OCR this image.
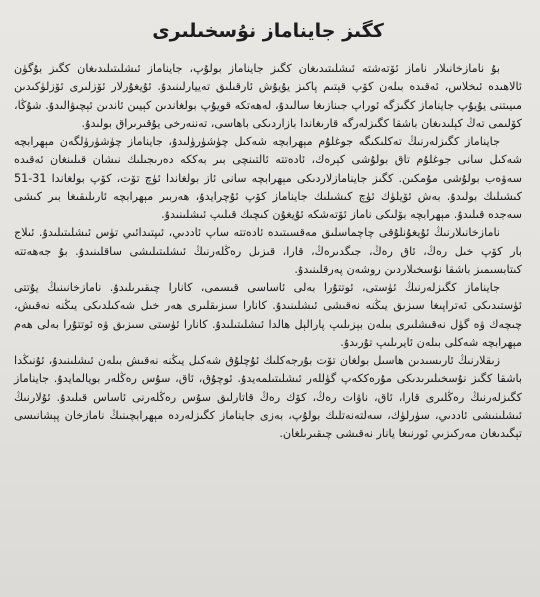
كگىز جايناماز نۇسخىلىرى

بۇ نامازخانىلار ناماز ئۆتەشتە ئىشلىتىدىغان كگىز جايناماز بولۇپ، جايناماز ئىشلىتىلىدىغان كگىز بۇگۈن ئالاھىدە ئىخلاس، ئەقىدە بىلەن كۆپ قېتىم پاكىز يۇيۇش ئارقىلىق تەييارلىنىدۇ. ئۇيغۇرلار ئۆزلىرى ئۆزلۈكىدىن مىيىتنى يۇيۇپ جايناماز كگىزگە ئوراپ جىنازىغا سالىدۇ، لەھەتكە قويۇپ بولغاندىن كېيىن ئاندىن ئېچىۋالىدۇ. شۇڭا، كۆلىمى تەڭ كېلىدىغان باشقا كگىزلەرگە قارىغاندا بازاردىكى باھاسى، تەننەرخى يۇقىرىراق بولىدۇ.

جايناماز كگىزلەرنىڭ تەكلىكىگە جوغلۇم مېھرابچە شەكىل چۈشۈرۈلىدۇ، جايناماز چۈشۈرۈلگەن مېھرابچە شەكىل سانى جوغلۇم تاق بولۇشى كېرەك، ئادەتتە ئالتىنچى بىر بەككە دەرىجىلىك نىشان قىلىنغان ئەقىدە سەۋەب بولۇشى مۇمكىن. كگىز جاينامازلاردىكى مېھرابچە سانى ئاز بولغاندا ئۈچ تۆت، كۆپ بولغاندا 31-51 كىشىلىك بولىدۇ. بەش ئۆيلۈك ئۈچ كىشىلىك جايناماز كۆپ ئۇچرايدۇ، ھەربىر مېھرابچە ئارىلىقىغا بىر كىشى سەجدە قىلىدۇ. مېھرابچە بۆلىكى ناماز ئۆتەشكە ئۇيغۇن كىچىك قىلىپ ئىشلىنىدۇ.

نامازخانىلارنىڭ ئۇيغۇنلۇقى چاچماسلىق مەقسىتىدە ئادەتتە ساپ ئاددىي، ئىپتىدائىي تۈس ئىشلىتىلىدۇ. ئىلاج بار كۆپ خىل رەڭ، ئاق رەڭ، جىگدىرەڭ، قارا، قىزىل رەڭلەرنىڭ ئىشلىتىلىشى ساقلىنىدۇ. بۇ جەھەتتە كىتابسىمىز باشقا نۇسخىلاردىن روشەن پەرقلىنىدۇ.

جايناماز كگىزلەرنىڭ ئۈستى، ئوتتۇرا بەلى ئاساسى قىسمى، كانارا چىقىرىلىدۇ. نامازخانىنىڭ يۇتتى ئۈستىدىكى ئەتراپىغا سىزىق يىڭنە نەقىشى ئىشلىنىدۇ. كانارا سىزىقلىرى ھەر خىل شەكىلدىكى يىڭنە نەقىش، چىچەك ۋە گۈل نەقىشلىرى بىلەن بېزىلىپ پارالېل ھالدا ئىشلىتىلىدۇ. كانارا ئۈستى سىزىق ۋە ئوتتۇرا بەلى ھەم مېھرابچە شەكلى بىلەن ئايرىلىپ تۇرىدۇ.

زىقلارنىڭ ئارىسىدىن ھاسىل بولغان تۆت بۇرجەكلىك ئۇچلۇق شەكىل يىڭنە نەقىش بىلەن ئىشلىنىدۇ، ئۇنىڭدا باشقا كگىز نۇسخىلىرىدىكى مۇرەككەپ گۈللەر ئىشلىتىلمەيدۇ. ئوچۇق، ئاق، سۇس رەڭلەر بويالمايدۇ. جايناماز كگىزلەرنىڭ رەڭلىرى قارا، ئاق، ناۋات رەڭ، كۆك رەڭ قاتارلىق سۇس رەڭلەرنى ئاساس قىلىدۇ. ئۇلارنىڭ ئىشلىنىشى ئاددىي، سۈرلۈك، سەلتەنەتلىك بولۇپ، بەزى جايناماز كگىزلەردە مېھرابچىنىڭ نامازخان پېشانىسى تېگىدىغان مەركىزىي ئورنىغا يانار نەقىشى چىقىرىلغان.
